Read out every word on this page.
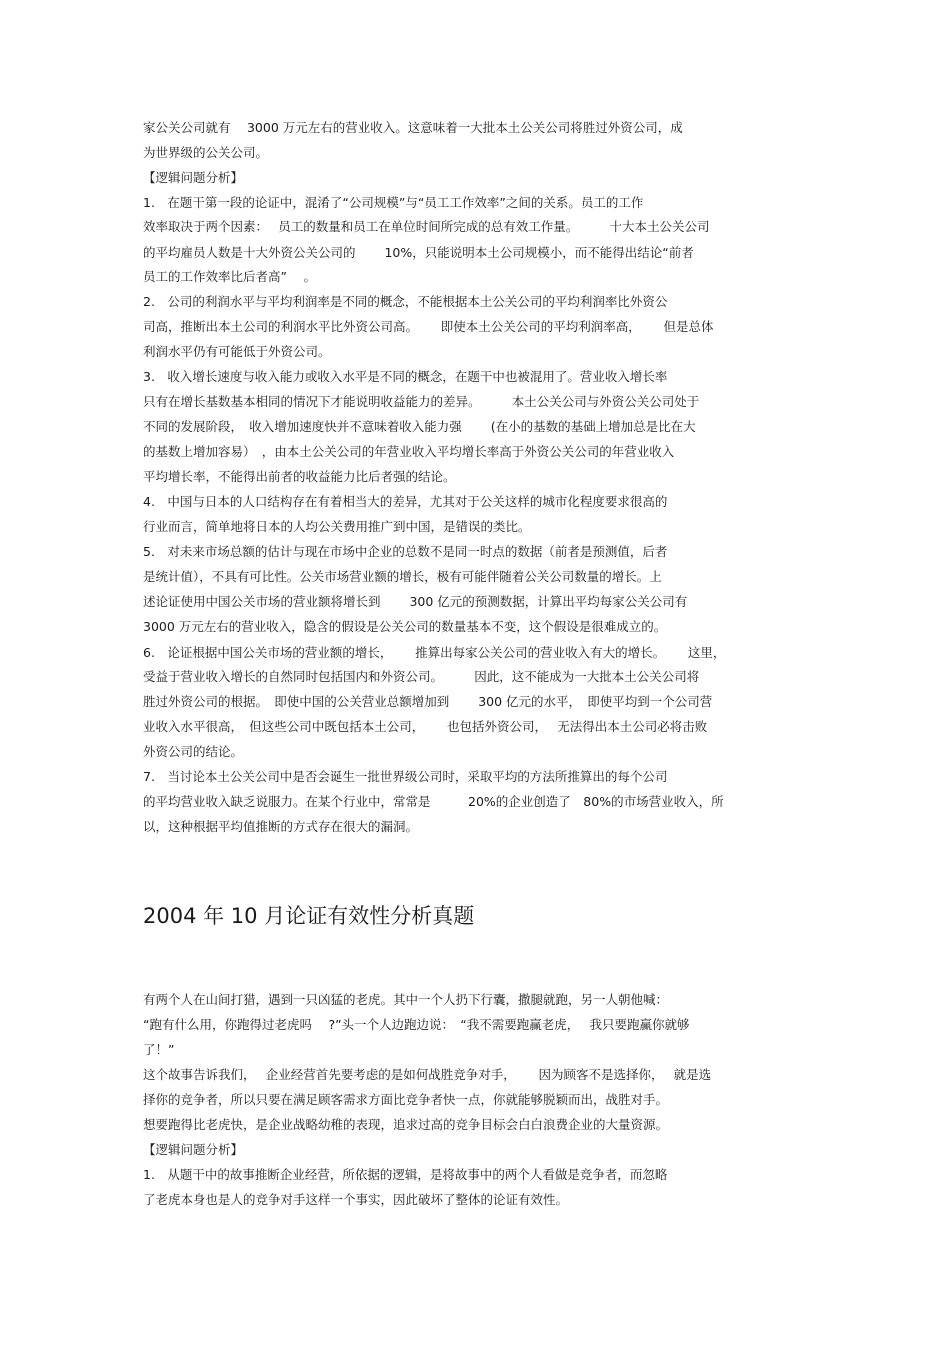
家公关公司就有　 3000 万元左右的营业收入。这意味着一大批本土公关公司将胜过外资公司，成

为世界级的公关公司。

【逻辑问题分析】

1.　在题干第一段的论证中，混淆了“公司规模”与“员工工作效率”之间的关系。员工的工作

效率取决于两个因素：　 员工的数量和员工在单位时间所完成的总有效工作量。　　　十大本土公关公司

的平均雇员人数是十大外资公关公司的　　 10%，只能说明本土公司规模小，而不能得出结论“前者

员工的工作效率比后者高”　 。

2.　公司的利润水平与平均利润率是不同的概念，不能根据本土公关公司的平均利润率比外资公

司高，推断出本土公司的利润水平比外资公司高。　　 即使本土公关公司的平均利润率高，　　 但是总体

利润水平仍有可能低于外资公司。

3.　收入增长速度与收入能力或收入水平是不同的概念，在题干中也被混用了。营业收入增长率

只有在增长基数基本相同的情况下才能说明收益能力的差异。　　　本土公关公司与外资公关公司处于

不同的发展阶段，　收入增加速度快并不意味着收入能力强　　 (在小的基数的基础上增加总是比在大

的基数上增加容易）　，由本土公关公司的年营业收入平均增长率高于外资公关公司的年营业收入

平均增长率，不能得出前者的收益能力比后者强的结论。

4.　中国与日本的人口结构存在有着相当大的差异，尤其对于公关这样的城市化程度要求很高的

行业而言，简单地将日本的人均公关费用推广到中国，是错误的类比。

5.　对未来市场总额的估计与现在市场中企业的总数不是同一时点的数据（前者是预测值，后者

是统计值），不具有可比性。公关市场营业额的增长，极有可能伴随着公关公司数量的增长。上

述论证使用中国公关市场的营业额将增长到　　 300 亿元的预测数据，计算出平均每家公关公司有

3000 万元左右的营业收入，隐含的假设是公关公司的数量基本不变，这个假设是很难成立的。

6.　论证根据中国公关市场的营业额的增长，　　 推算出每家公关公司的营业收入有大的增长。　　 这里，

受益于营业收入增长的自然同时包括国内和外资公司。　　　因此，这不能成为一大批本土公关公司将

胜过外资公司的根据。　即使中国的公关营业总额增加到　　 300 亿元的水平，　即使平均到一个公司营

业收入水平很高，　但这些公司中既包括本土公司，　　 也包括外资公司，　 无法得出本土公司必将击败

外资公司的结论。

7.　当讨论本土公关公司中是否会诞生一批世界级公司时，采取平均的方法所推算出的每个公司

的平均营业收入缺乏说服力。在某个行业中，常常是　　　20%的企业创造了　80%的市场营业收入，所

以，这种根据平均值推断的方式存在很大的漏洞。

2004 年 10 月论证有效性分析真题

有两个人在山间打猎，遇到一只凶猛的老虎。其中一个人扔下行囊，撒腿就跑，另一人朝他喊：

“跑有什么用，你跑得过老虎吗　 ?”头一个人边跑边说：　“我不需要跑赢老虎，　 我只要跑赢你就够

了！”

这个故事告诉我们，　 企业经营首先要考虑的是如何战胜竞争对手，　　 因为顾客不是选择你，　 就是选

择你的竞争者，所以只要在满足顾客需求方面比竞争者快一点，你就能够脱颖而出，战胜对手。

想要跑得比老虎快，是企业战略幼稚的表现，追求过高的竞争目标会白白浪费企业的大量资源。

【逻辑问题分析】

1.　从题干中的故事推断企业经营，所依据的逻辑，是将故事中的两个人看做是竞争者，而忽略

了老虎本身也是人的竞争对手这样一个事实，因此破坏了整体的论证有效性。
